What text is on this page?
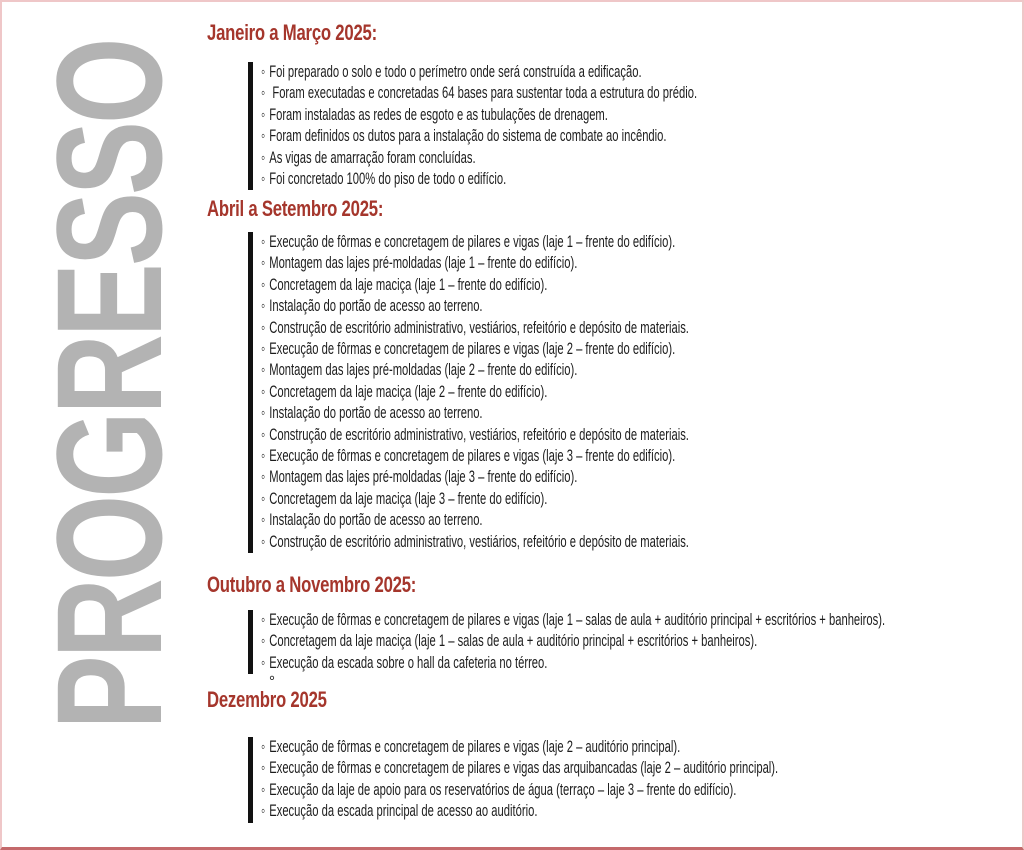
PROGRESSO
Janeiro a Março 2025:
◦ Foi preparado o solo e todo o perímetro onde será construída a edificação.
◦ Foram executadas e concretadas 64 bases para sustentar toda a estrutura do prédio.
◦ Foram instaladas as redes de esgoto e as tubulações de drenagem.
◦ Foram definidos os dutos para a instalação do sistema de combate ao incêndio.
◦ As vigas de amarração foram concluídas.
◦ Foi concretado 100% do piso de todo o edifício.
Abril a Setembro 2025:
◦ Execução de fôrmas e concretagem de pilares e vigas (laje 1 – frente do edifício).
◦ Montagem das lajes pré-moldadas (laje 1 – frente do edifício).
◦ Concretagem da laje maciça (laje 1 – frente do edifício).
◦ Instalação do portão de acesso ao terreno.
◦ Construção de escritório administrativo, vestiários, refeitório e depósito de materiais.
◦ Execução de fôrmas e concretagem de pilares e vigas (laje 2 – frente do edifício).
◦ Montagem das lajes pré-moldadas (laje 2 – frente do edifício).
◦ Concretagem da laje maciça (laje 2 – frente do edifício).
◦ Instalação do portão de acesso ao terreno.
◦ Construção de escritório administrativo, vestiários, refeitório e depósito de materiais.
◦ Execução de fôrmas e concretagem de pilares e vigas (laje 3 – frente do edifício).
◦ Montagem das lajes pré-moldadas (laje 3 – frente do edifício).
◦ Concretagem da laje maciça (laje 3 – frente do edifício).
◦ Instalação do portão de acesso ao terreno.
◦ Construção de escritório administrativo, vestiários, refeitório e depósito de materiais.
Outubro a Novembro 2025:
◦ Execução de fôrmas e concretagem de pilares e vigas (laje 1 – salas de aula + auditório principal + escritórios + banheiros).
◦ Concretagem da laje maciça (laje 1 – salas de aula + auditório principal + escritórios + banheiros).
◦ Execução da escada sobre o hall da cafeteria no térreo.
Dezembro 2025
◦ Execução de fôrmas e concretagem de pilares e vigas (laje 2 – auditório principal).
◦ Execução de fôrmas e concretagem de pilares e vigas das arquibancadas (laje 2 – auditório principal).
◦ Execução da laje de apoio para os reservatórios de água (terraço – laje 3 – frente do edifício).
◦ Execução da escada principal de acesso ao auditório.
°
